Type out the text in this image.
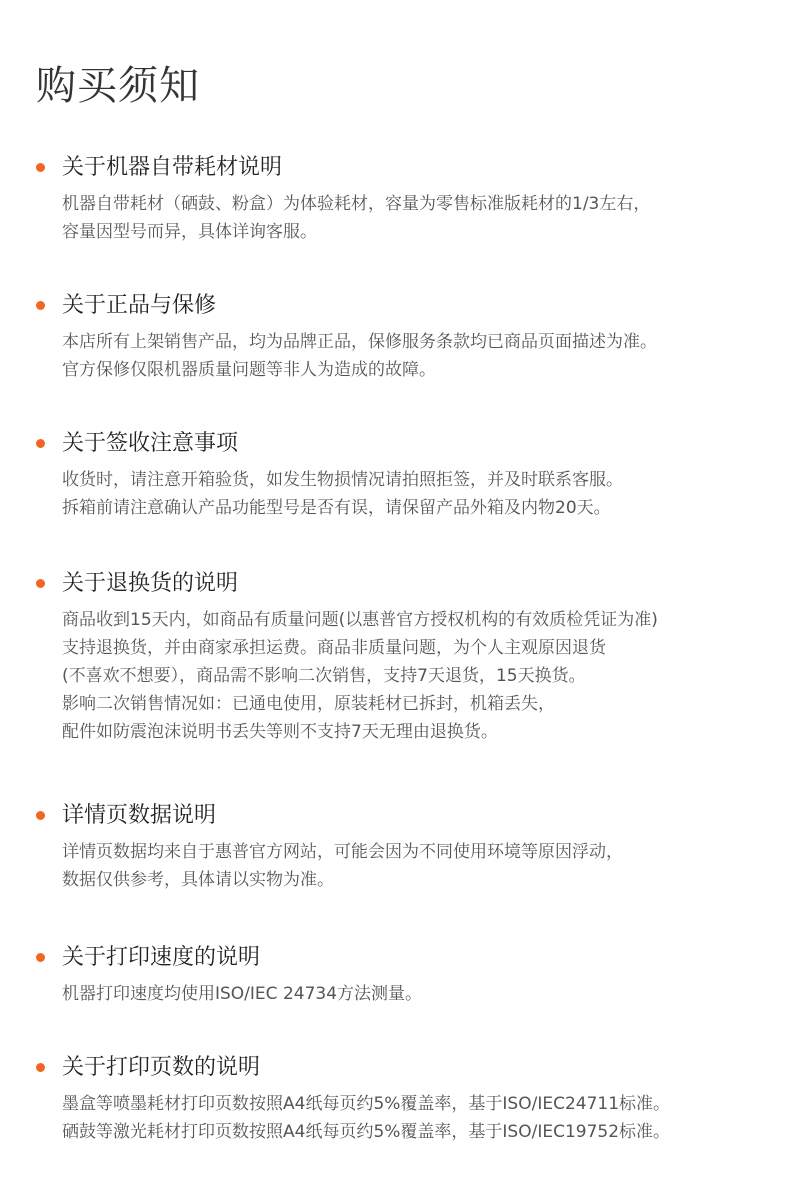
购买须知
关于机器自带耗材说明
机器自带耗材（硒鼓、粉盒）为体验耗材，容量为零售标准版耗材的1/3左右，
容量因型号而异，具体详询客服。
关于正品与保修
本店所有上架销售产品，均为品牌正品，保修服务条款均已商品页面描述为准。
官方保修仅限机器质量问题等非人为造成的故障。
关于签收注意事项
收货时，请注意开箱验货，如发生物损情况请拍照拒签，并及时联系客服。
拆箱前请注意确认产品功能型号是否有误，请保留产品外箱及内物20天。
关于退换货的说明
商品收到15天内，如商品有质量问题(以惠普官方授权机构的有效质检凭证为准)
支持退换货，并由商家承担运费。商品非质量问题，为个人主观原因退货
(不喜欢不想要），商品需不影响二次销售，支持7天退货，15天换货。
影响二次销售情况如：已通电使用，原装耗材已拆封，机箱丢失，
配件如防震泡沫说明书丢失等则不支持7天无理由退换货。
详情页数据说明
详情页数据均来自于惠普官方网站，可能会因为不同使用环境等原因浮动，
数据仅供参考，具体请以实物为准。
关于打印速度的说明
机器打印速度均使用ISO/IEC 24734方法测量。
关于打印页数的说明
墨盒等喷墨耗材打印页数按照A4纸每页约5%覆盖率，基于ISO/IEC24711标准。
硒鼓等激光耗材打印页数按照A4纸每页约5%覆盖率，基于ISO/IEC19752标准。
